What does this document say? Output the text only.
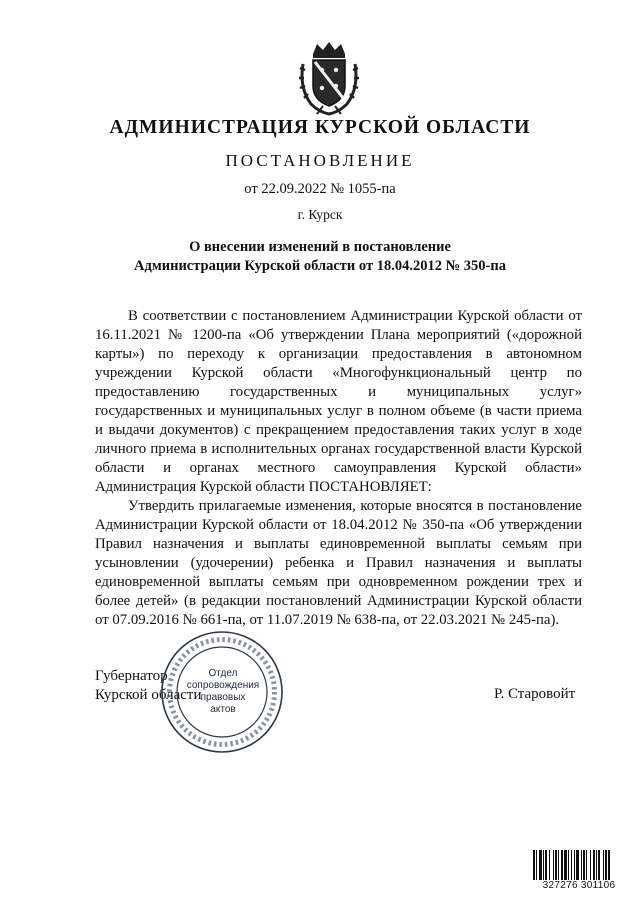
АДМИНИСТРАЦИЯ КУРСКОЙ ОБЛАСТИ
ПОСТАНОВЛЕНИЕ
от 22.09.2022 № 1055-па
г. Курск
О внесении изменений в постановление
Администрации Курской области от 18.04.2012 № 350-па

В соответствии с постановлением Администрации Курской области от 16.11.2021 № 1200-па «Об утверждении Плана мероприятий («дорожной карты») по переходу к организации предоставления в автономном учреждении Курской области «Многофункциональный центр по предоставлению государственных и муниципальных услуг» государственных и муниципальных услуг в полном объеме (в части приема и выдачи документов) с прекращением предоставления таких услуг в ходе личного приема в исполнительных органах государственной власти Курской области и органах местного самоуправления Курской области» Администрация Курской области ПОСТАНОВЛЯЕТ:

Утвердить прилагаемые изменения, которые вносятся в постановление Администрации Курской области от 18.04.2012 № 350-па «Об утверждении Правил назначения и выплаты единовременной выплаты семьям при усыновлении (удочерении) ребенка и Правил назначения и выплаты единовременной выплаты семьям при одновременном рождении трех и более детей» (в редакции постановлений Администрации Курской области от 07.09.2016 № 661-па, от 11.07.2019 № 638-па, от 22.03.2021 № 245-па).

Губернатор
Курской области	Р. Старовойт
Отдел
сопровождения
правовых
актов
327276 301106
